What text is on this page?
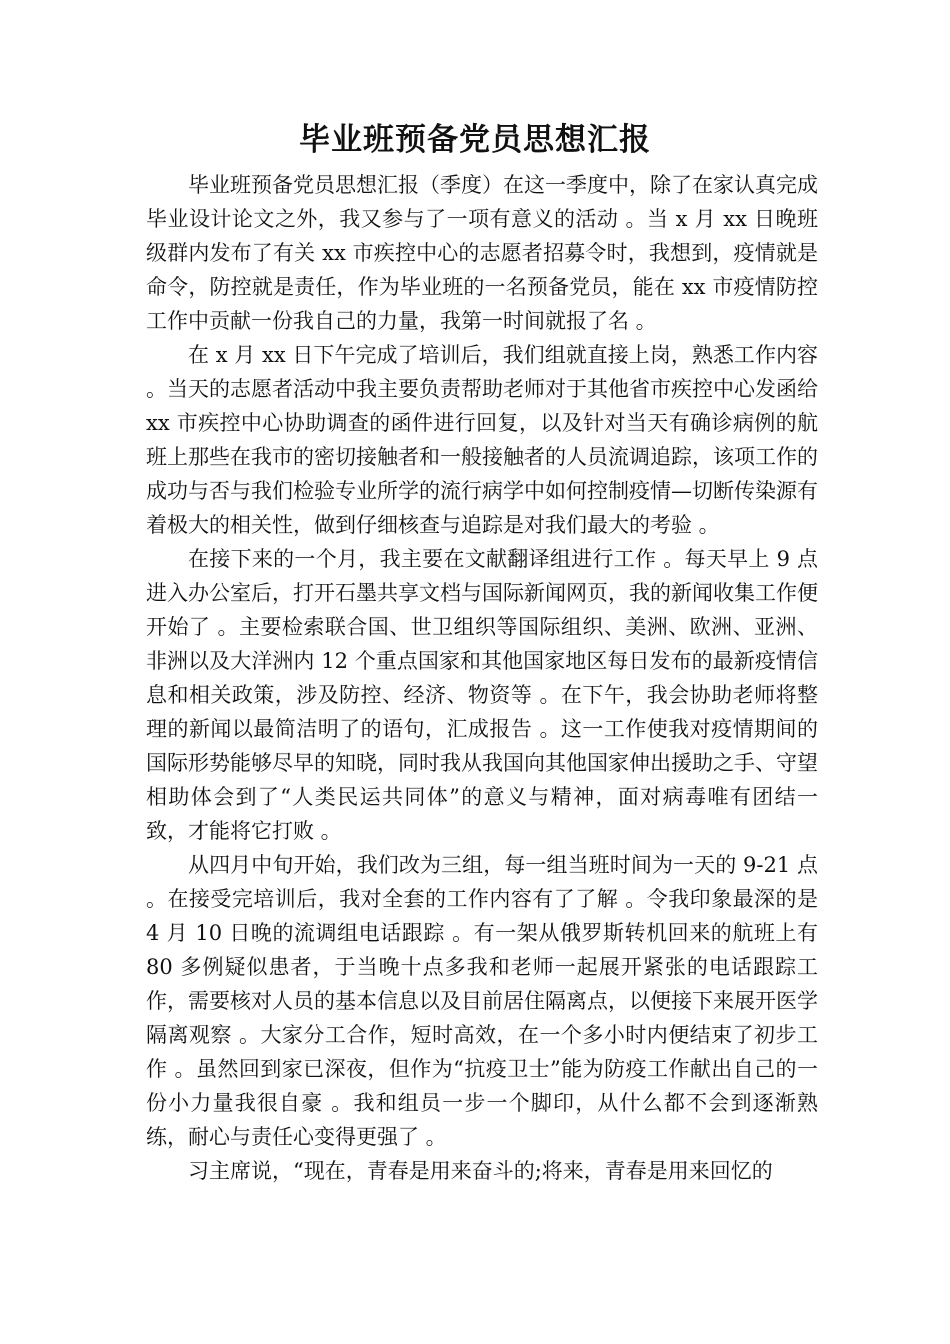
毕业班预备党员思想汇报

毕业班预备党员思想汇报（季度）在这一季度中，除了在家认真完成毕业设计论文之外，我又参与了一项有意义的活动 。当 x 月 xx 日晚班级群内发布了有关 xx 市疾控中心的志愿者招募令时，我想到，疫情就是命令，防控就是责任，作为毕业班的一名预备党员，能在 xx 市疫情防控工作中贡献一份我自己的力量，我第一时间就报了名 。

在 x 月 xx 日下午完成了培训后，我们组就直接上岗，熟悉工作内容 。当天的志愿者活动中我主要负责帮助老师对于其他省市疾控中心发函给 xx 市疾控中心协助调查的函件进行回复，以及针对当天有确诊病例的航班上那些在我市的密切接触者和一般接触者的人员流调追踪，该项工作的成功与否与我们检验专业所学的流行病学中如何控制疫情—切断传染源有着极大的相关性，做到仔细核查与追踪是对我们最大的考验 。

在接下来的一个月，我主要在文献翻译组进行工作 。每天早上 9 点进入办公室后，打开石墨共享文档与国际新闻网页，我的新闻收集工作便开始了 。主要检索联合国、世卫组织等国际组织、美洲、欧洲、亚洲、非洲以及大洋洲内 12 个重点国家和其他国家地区每日发布的最新疫情信息和相关政策，涉及防控、经济、物资等 。在下午，我会协助老师将整理的新闻以最简洁明了的语句，汇成报告 。这一工作使我对疫情期间的国际形势能够尽早的知晓，同时我从我国向其他国家伸出援助之手、守望相助体会到了“人类民运共同体”的意义与精神，面对病毒唯有团结一致，才能将它打败 。

从四月中旬开始，我们改为三组，每一组当班时间为一天的 9-21 点 。在接受完培训后，我对全套的工作内容有了了解 。令我印象最深的是 4 月 10 日晚的流调组电话跟踪 。有一架从俄罗斯转机回来的航班上有 80 多例疑似患者，于当晚十点多我和老师一起展开紧张的电话跟踪工作，需要核对人员的基本信息以及目前居住隔离点，以便接下来展开医学隔离观察 。大家分工合作，短时高效，在一个多小时内便结束了初步工作 。虽然回到家已深夜，但作为“抗疫卫士”能为防疫工作献出自己的一份小力量我很自豪 。我和组员一步一个脚印，从什么都不会到逐渐熟练，耐心与责任心变得更强了 。

习主席说，“现在，青春是用来奋斗的;将来，青春是用来回忆的
